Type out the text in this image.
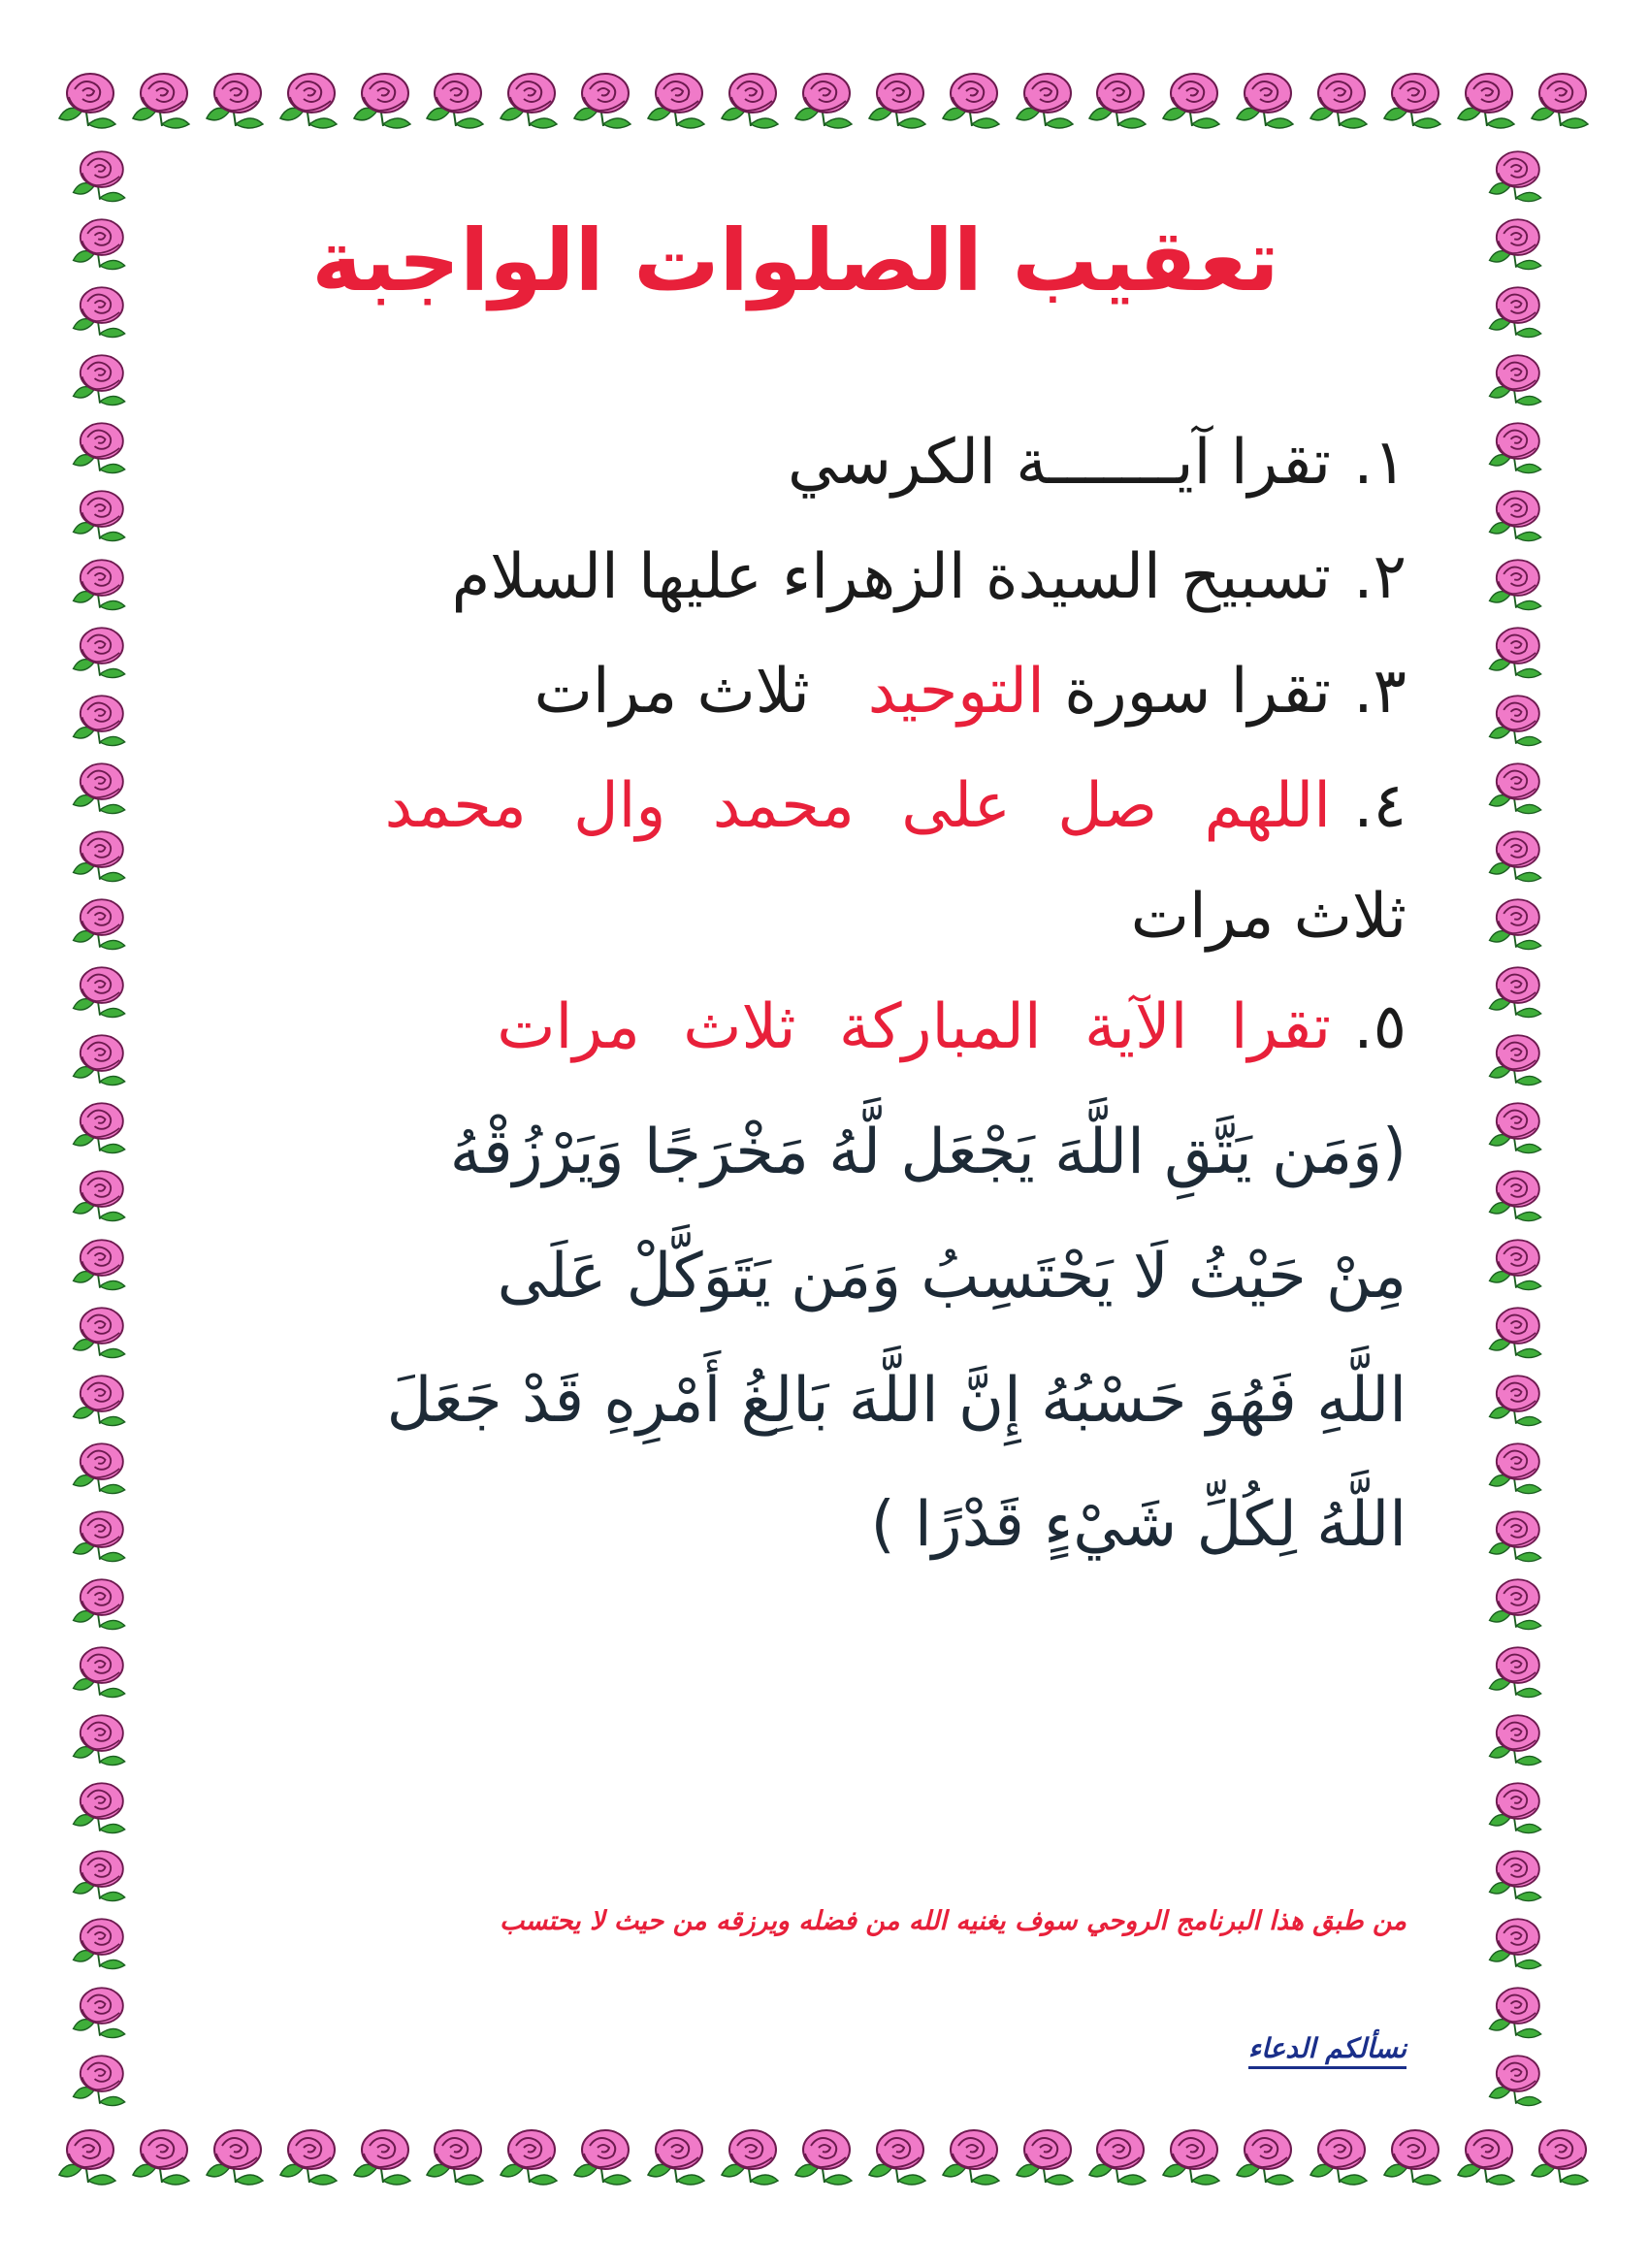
تعقيب الصلوات الواجبة
١.
تقرا آيـــــــة الكرسي
٢.
تسبيح السيدة الزهراء عليها السلام
٣.
تقرا سورة التوحيدثلاث مرات
٤.
اللهم صل على محمد وال محمد
ثلاث مرات
٥.
تقرا الآية المباركة ثلاث مرات
(وَمَن يَتَّقِ اللَّهَ يَجْعَل لَّهُ مَخْرَجًا وَيَرْزُقْهُ
مِنْ حَيْثُ لَا يَحْتَسِبُ وَمَن يَتَوَكَّلْ عَلَى
اللَّهِ فَهُوَ حَسْبُهُ إِنَّ اللَّهَ بَالِغُ أَمْرِهِ قَدْ جَعَلَ
اللَّهُ لِكُلِّ شَيْءٍ قَدْرًا )
من طبق هذا البرنامج الروحي سوف يغنيه الله من فضله ويرزقه من حيث لا يحتسب
نسألكم الدعاء
